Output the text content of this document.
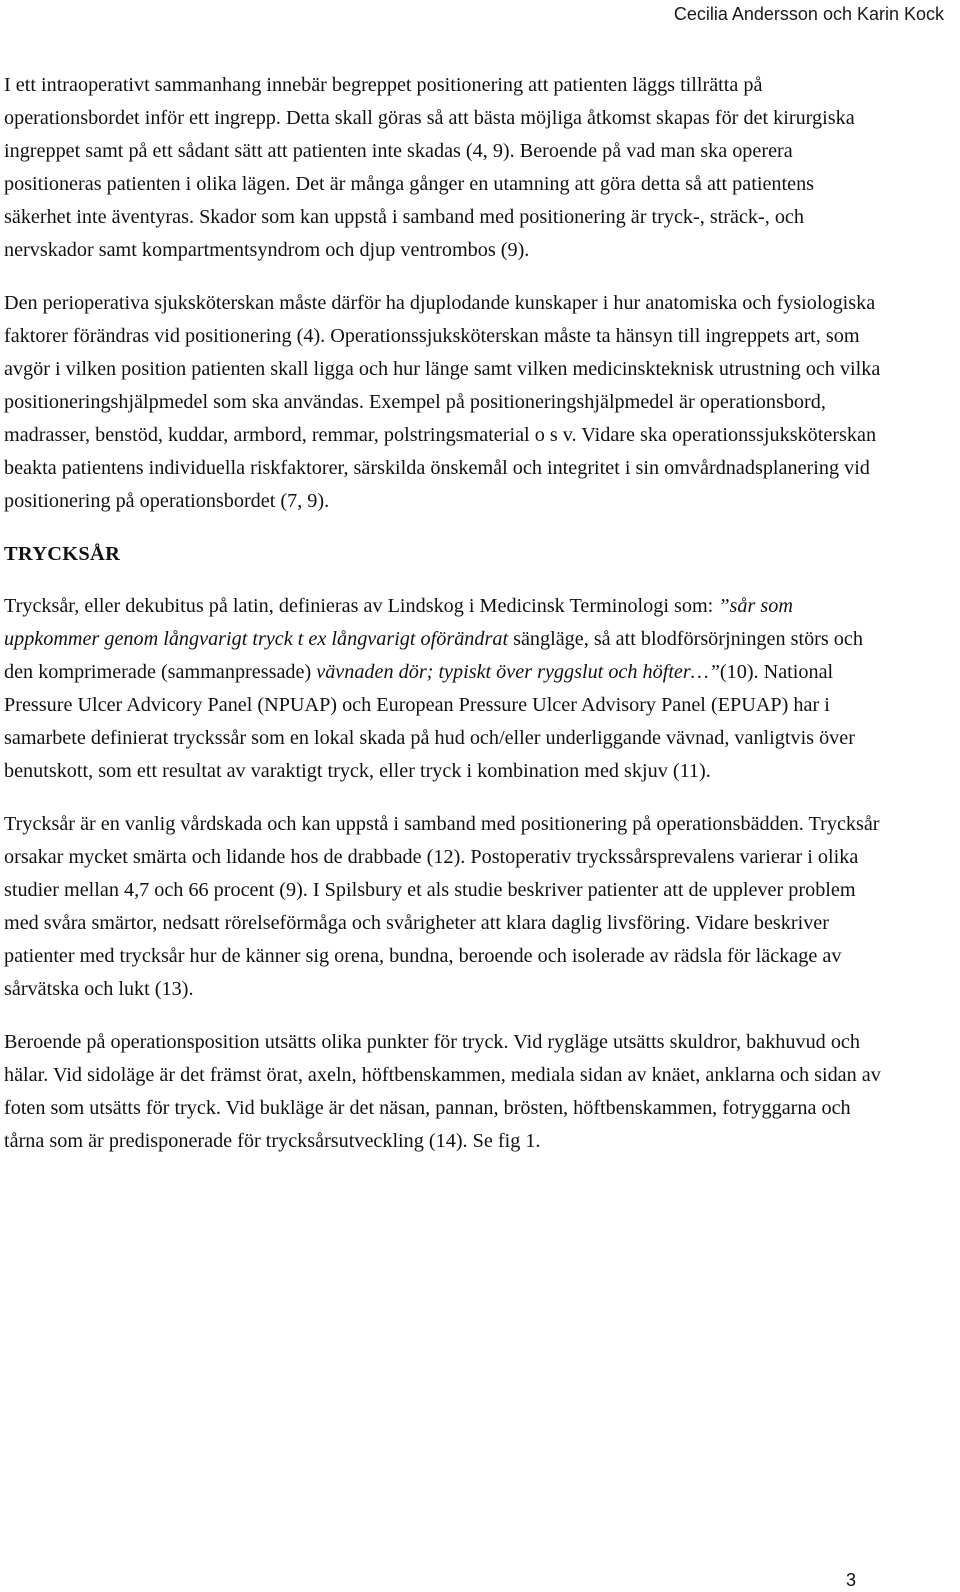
Cecilia Andersson och Karin Kock

I ett intraoperativt sammanhang innebär begreppet positionering att patienten läggs tillrätta på operationsbordet inför ett ingrepp. Detta skall göras så att bästa möjliga åtkomst skapas för det kirurgiska ingreppet samt på ett sådant sätt att patienten inte skadas (4, 9). Beroende på vad man ska operera positioneras patienten i olika lägen. Det är många gånger en utamning att göra detta så att patientens säkerhet inte äventyras. Skador som kan uppstå i samband med positionering är tryck-, sträck-, och nervskador samt kompartmentsyndrom och djup ventrombos (9).

Den perioperativa sjuksköterskan måste därför ha djuplodande kunskaper i hur anatomiska och fysiologiska faktorer förändras vid positionering (4). Operationssjuksköterskan måste ta hänsyn till ingreppets art, som avgör i vilken position patienten skall ligga och hur länge samt vilken medicinskteknisk utrustning och vilka positioneringshjälpmedel som ska användas. Exempel på positioneringshjälpmedel är operationsbord, madrasser, benstöd, kuddar, armbord, remmar, polstringsmaterial o s v. Vidare ska operationssjuksköterskan beakta patientens individuella riskfaktorer, särskilda önskemål och integritet i sin omvårdnadsplanering vid positionering på operationsbordet (7, 9).

TRYCKSÅR

Trycksår, eller dekubitus på latin, definieras av Lindskog i Medicinsk Terminologi som: ”sår som uppkommer genom långvarigt tryck t ex långvarigt oförändrat sängläge, så att blodförsörjningen störs och den komprimerade (sammanpressade) vävnaden dör; typiskt över ryggslut och höfter…”(10). National Pressure Ulcer Advicory Panel (NPUAP) och European Pressure Ulcer Advisory Panel (EPUAP) har i samarbete definierat tryckssår som en lokal skada på hud och/eller underliggande vävnad, vanligtvis över benutskott, som ett resultat av varaktigt tryck, eller tryck i kombination med skjuv (11).

Trycksår är en vanlig vårdskada och kan uppstå i samband med positionering på operationsbädden. Trycksår orsakar mycket smärta och lidande hos de drabbade (12). Postoperativ tryckssårsprevalens varierar i olika studier mellan 4,7 och 66 procent (9). I Spilsbury et als studie beskriver patienter att de upplever problem med svåra smärtor, nedsatt rörelseförmåga och svårigheter att klara daglig livsföring. Vidare beskriver patienter med trycksår hur de känner sig orena, bundna, beroende och isolerade av rädsla för läckage av sårvätska och lukt (13).

Beroende på operationsposition utsätts olika punkter för tryck. Vid rygläge utsätts skuldror, bakhuvud och hälar. Vid sidoläge är det främst örat, axeln, höftbenskammen, mediala sidan av knäet, anklarna och sidan av foten som utsätts för tryck. Vid bukläge är det näsan, pannan, brösten, höftbenskammen, fotryggarna och tårna som är predisponerade för trycksårsutveckling (14). Se fig 1.

3
